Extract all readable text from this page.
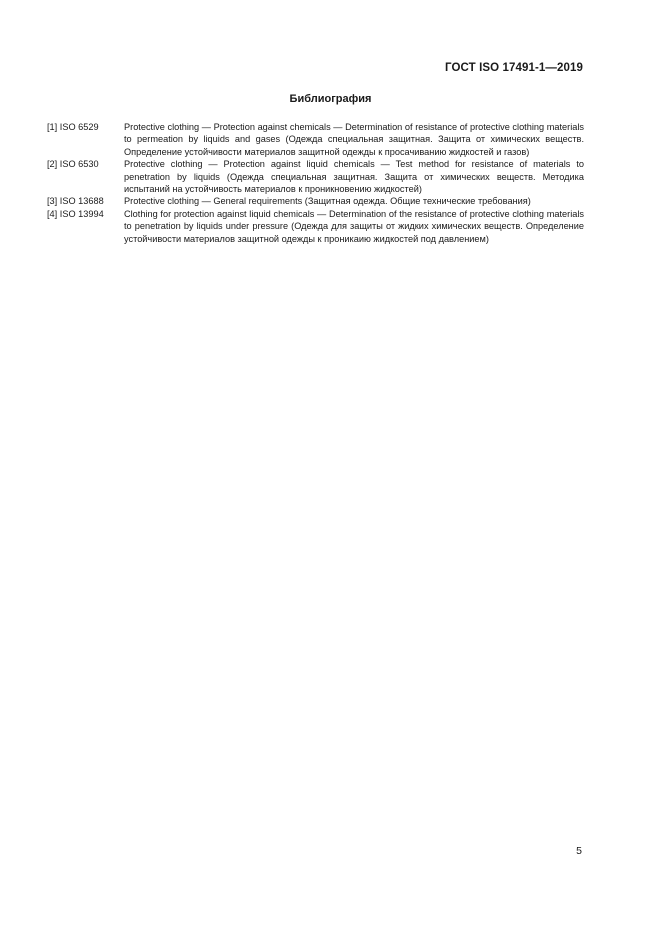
ГОСТ ISO 17491-1—2019
Библиография
[1] ISO 6529	Protective clothing — Protection against chemicals — Determination of resistance of protective clothing materials to permeation by liquids and gases (Одежда специальная защитная. Защита от химических веществ. Определение устойчивости материалов защитной одежды к просачиванию жидкостей и газов)
[2] ISO 6530	Protective clothing — Protection against liquid chemicals — Test method for resistance of materials to penetration by liquids (Одежда специальная защитная. Защита от химических веществ. Методика испытаний на устойчивость материалов к проникновению жидкостей)
[3] ISO 13688	Protective clothing — General requirements (Защитная одежда. Общие технические требования)
[4] ISO 13994	Clothing for protection against liquid chemicals — Determination of the resistance of protective clothing materials to penetration by liquids under pressure (Одежда для защиты от жидких химических веществ. Определение устойчивости материалов защитной одежды к проникаию жидкостей под давлением)
5
